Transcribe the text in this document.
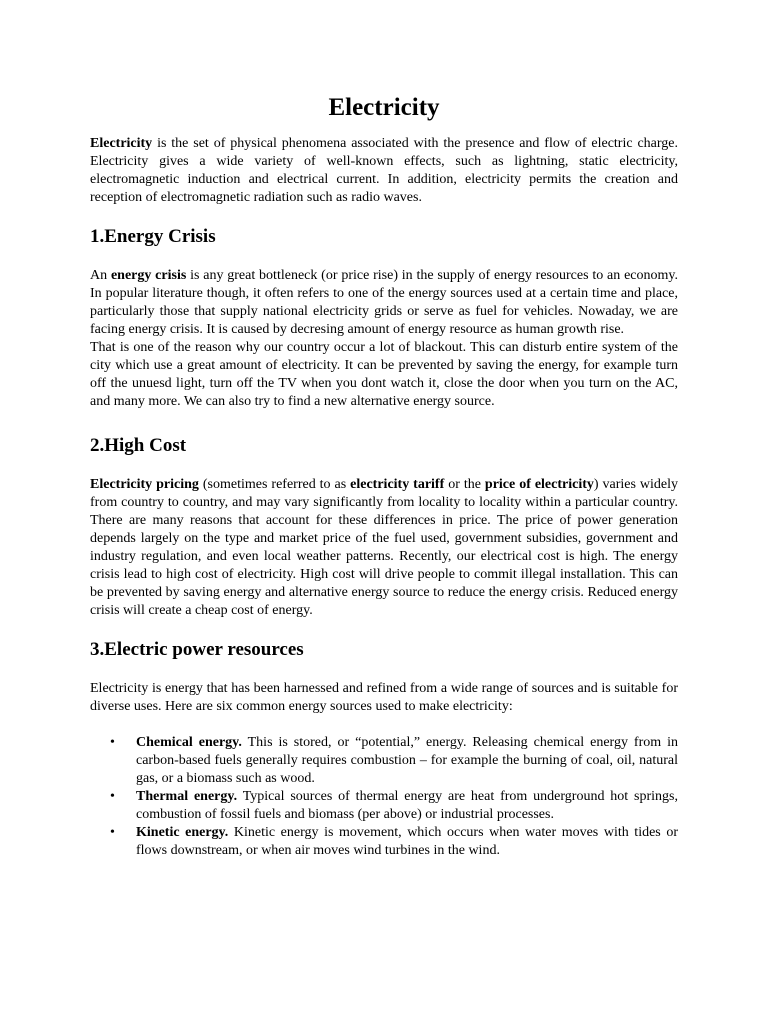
Electricity

Electricity is the set of physical phenomena associated with the presence and flow of electric charge. Electricity gives a wide variety of well-known effects, such as lightning, static electricity, electromagnetic induction and electrical current. In addition, electricity permits the creation and reception of electromagnetic radiation such as radio waves.

1.Energy Crisis

An energy crisis is any great bottleneck (or price rise) in the supply of energy resources to an economy. In popular literature though, it often refers to one of the energy sources used at a certain time and place, particularly those that supply national electricity grids or serve as fuel for vehicles. Nowaday, we are facing energy crisis. It is caused by decresing amount of energy resource as human growth rise.

That is one of the reason why our country occur a lot of blackout. This can disturb entire system of the city which use a great amount of electricity. It can be prevented by saving the energy, for example turn off the unuesd light, turn off the TV when you dont watch it, close the door when you turn on the AC, and many more. We can also try to find a new alternative energy source.

2.High Cost

Electricity pricing (sometimes referred to as electricity tariff or the price of electricity) varies widely from country to country, and may vary significantly from locality to locality within a particular country. There are many reasons that account for these differences in price. The price of power generation depends largely on the type and market price of the fuel used, government subsidies, government and industry regulation, and even local weather patterns. Recently, our electrical cost is high. The energy crisis lead to high cost of electricity. High cost will drive people to commit illegal installation. This can be prevented by saving energy and alternative energy source to reduce the energy crisis. Reduced energy crisis will create a cheap cost of energy.

3.Electric power resources

Electricity is energy that has been harnessed and refined from a wide range of sources and is suitable for diverse uses. Here are six common energy sources used to make electricity:

• Chemical energy. This is stored, or “potential,” energy. Releasing chemical energy from in carbon-based fuels generally requires combustion – for example the burning of coal, oil, natural gas, or a biomass such as wood.
• Thermal energy. Typical sources of thermal energy are heat from underground hot springs, combustion of fossil fuels and biomass (per above) or industrial processes.
• Kinetic energy. Kinetic energy is movement, which occurs when water moves with tides or flows downstream, or when air moves wind turbines in the wind.
